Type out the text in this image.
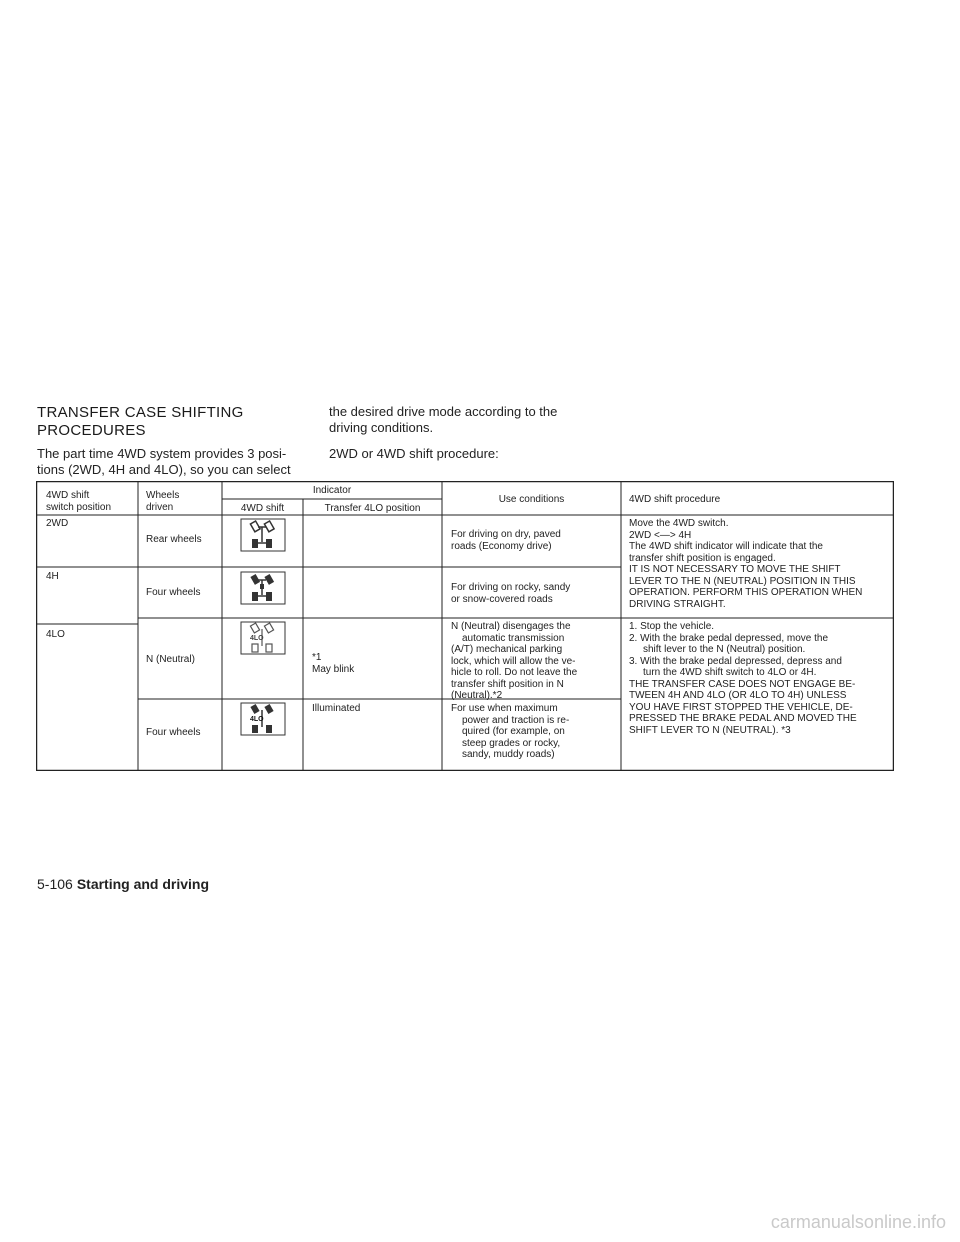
TRANSFER CASE SHIFTING
PROCEDURES
The part time 4WD system provides 3 posi-
tions (2WD, 4H and 4LO), so you can select
the desired drive mode according to the
driving conditions.
2WD or 4WD shift procedure:
4WD shift
switch position
Wheels
driven
Indicator
4WD shift	Transfer 4LO position
Use conditions	4WD shift procedure
2WD
4H
4LO
Rear wheels
Four wheels
N (Neutral)
Four wheels
4LO
4LO
*1
May blink
Illuminated
For driving on dry, paved
roads (Economy drive)
For driving on rocky, sandy
or snow-covered roads
N (Neutral) disengages the
automatic transmission
(A/T) mechanical parking
lock, which will allow the ve-
hicle to roll. Do not leave the
transfer shift position in N
(Neutral).*2
For use when maximum
power and traction is re-
quired (for example, on
steep grades or rocky,
sandy, muddy roads)
Move the 4WD switch.
2WD <—> 4H
The 4WD shift indicator will indicate that the
transfer shift position is engaged.
IT IS NOT NECESSARY TO MOVE THE SHIFT
LEVER TO THE N (NEUTRAL) POSITION IN THIS
OPERATION. PERFORM THIS OPERATION WHEN
DRIVING STRAIGHT.
1. Stop the vehicle.
2. With the brake pedal depressed, move the
shift lever to the N (Neutral) position.
3. With the brake pedal depressed, depress and
turn the 4WD shift switch to 4LO or 4H.
THE TRANSFER CASE DOES NOT ENGAGE BE-
TWEEN 4H AND 4LO (OR 4LO TO 4H) UNLESS
YOU HAVE FIRST STOPPED THE VEHICLE, DE-
PRESSED THE BRAKE PEDAL AND MOVED THE
SHIFT LEVER TO N (NEUTRAL). *3
5-106 Starting and driving
carmanualsonline.info
